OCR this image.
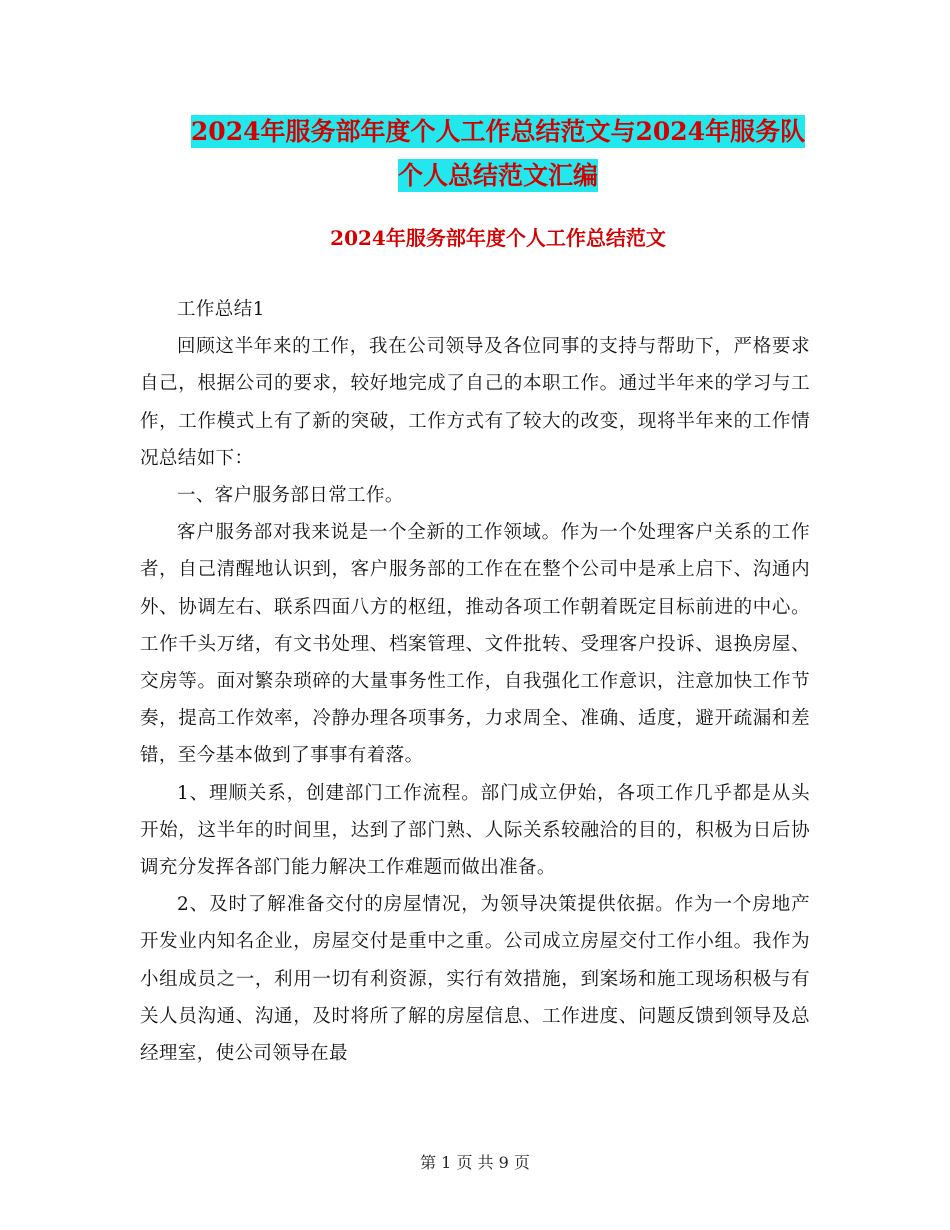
2024年服务部年度个人工作总结范文与2024年服务队
个人总结范文汇编
2024年服务部年度个人工作总结范文

工作总结1

回顾这半年来的工作，我在公司领导及各位同事的支持与帮助下，严格要求自己，根据公司的要求，较好地完成了自己的本职工作。通过半年来的学习与工作，工作模式上有了新的突破，工作方式有了较大的改变，现将半年来的工作情况总结如下：

一、客户服务部日常工作。

客户服务部对我来说是一个全新的工作领域。作为一个处理客户关系的工作者，自己清醒地认识到，客户服务部的工作在在整个公司中是承上启下、沟通内外、协调左右、联系四面八方的枢纽，推动各项工作朝着既定目标前进的中心。工作千头万绪，有文书处理、档案管理、文件批转、受理客户投诉、退换房屋、交房等。面对繁杂琐碎的大量事务性工作，自我强化工作意识，注意加快工作节奏，提高工作效率，冷静办理各项事务，力求周全、准确、适度，避开疏漏和差错，至今基本做到了事事有着落。

1、理顺关系，创建部门工作流程。部门成立伊始，各项工作几乎都是从头开始，这半年的时间里，达到了部门熟、人际关系较融洽的目的，积极为日后协调充分发挥各部门能力解决工作难题而做出准备。

2、及时了解准备交付的房屋情况，为领导决策提供依据。作为一个房地产开发业内知名企业，房屋交付是重中之重。公司成立房屋交付工作小组。我作为小组成员之一，利用一切有利资源，实行有效措施，到案场和施工现场积极与有关人员沟通、沟通，及时将所了解的房屋信息、工作进度、问题反馈到领导及总经理室，使公司领导在最

第 1 页 共 9 页
